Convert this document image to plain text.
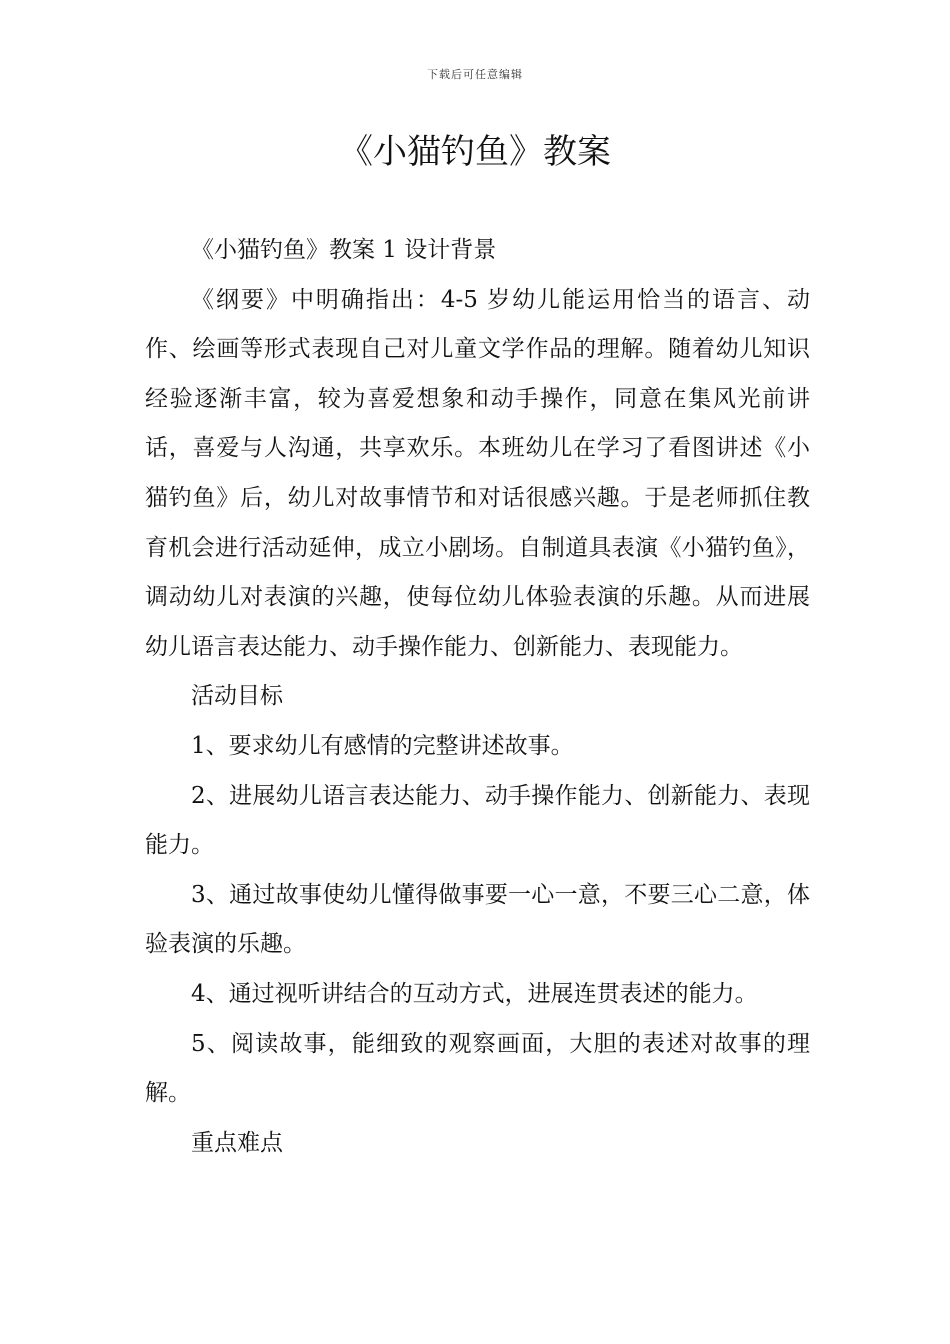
下载后可任意编辑
《小猫钓鱼》教案

《小猫钓鱼》教案 1 设计背景

《纲要》中明确指出：4-5 岁幼儿能运用恰当的语言、动作、绘画等形式表现自己对儿童文学作品的理解。随着幼儿知识经验逐渐丰富，较为喜爱想象和动手操作，同意在集风光前讲话，喜爱与人沟通，共享欢乐。本班幼儿在学习了看图讲述《小猫钓鱼》后，幼儿对故事情节和对话很感兴趣。于是老师抓住教育机会进行活动延伸，成立小剧场。自制道具表演《小猫钓鱼》，调动幼儿对表演的兴趣，使每位幼儿体验表演的乐趣。从而进展幼儿语言表达能力、动手操作能力、创新能力、表现能力。

活动目标

1、要求幼儿有感情的完整讲述故事。

2、进展幼儿语言表达能力、动手操作能力、创新能力、表现能力。

3、通过故事使幼儿懂得做事要一心一意，不要三心二意，体验表演的乐趣。

4、通过视听讲结合的互动方式，进展连贯表述的能力。

5、阅读故事，能细致的观察画面，大胆的表述对故事的理解。

重点难点
